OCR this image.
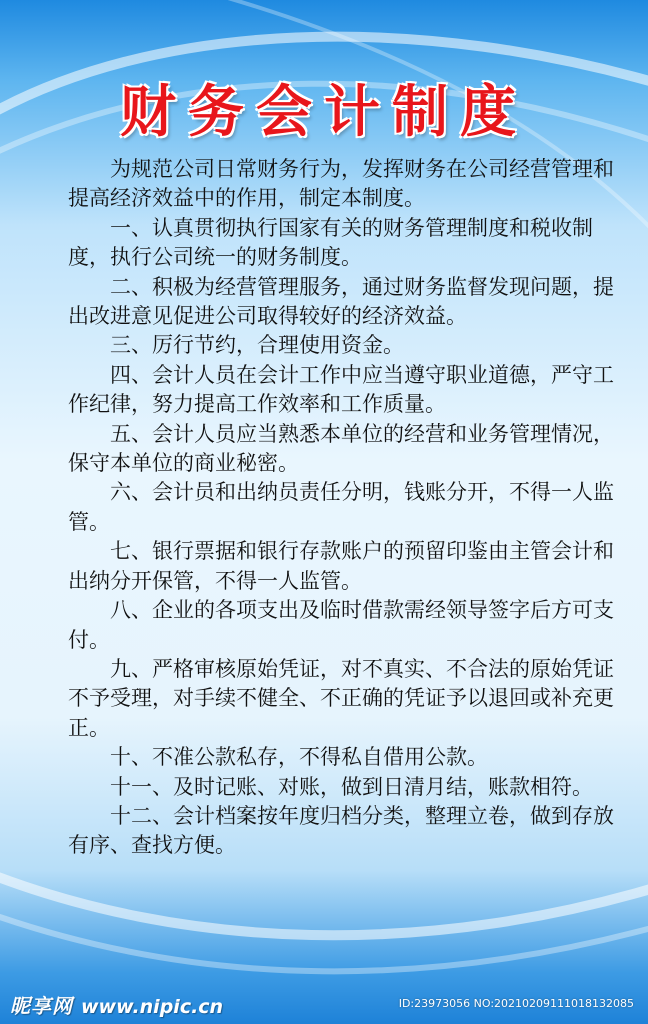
财务会计制度

为规范公司日常财务行为，发挥财务在公司经营管理和提高经济效益中的作用，制定本制度。

一、认真贯彻执行国家有关的财务管理制度和税收制度，执行公司统一的财务制度。

二、积极为经营管理服务，通过财务监督发现问题，提出改进意见促进公司取得较好的经济效益。

三、厉行节约，合理使用资金。

四、会计人员在会计工作中应当遵守职业道德，严守工作纪律，努力提高工作效率和工作质量。

五、会计人员应当熟悉本单位的经营和业务管理情况，保守本单位的商业秘密。

六、会计员和出纳员责任分明，钱账分开，不得一人监管。

七、银行票据和银行存款账户的预留印鉴由主管会计和出纳分开保管，不得一人监管。

八、企业的各项支出及临时借款需经领导签字后方可支付。

九、严格审核原始凭证，对不真实、不合法的原始凭证不予受理，对手续不健全、不正确的凭证予以退回或补充更正。

十、不准公款私存，不得私自借用公款。

十一、及时记账、对账，做到日清月结，账款相符。

十二、会计档案按年度归档分类，整理立卷，做到存放有序、查找方便。

昵享网 www.nipic.cn	ID:23973056 NO:20210209111018132085
